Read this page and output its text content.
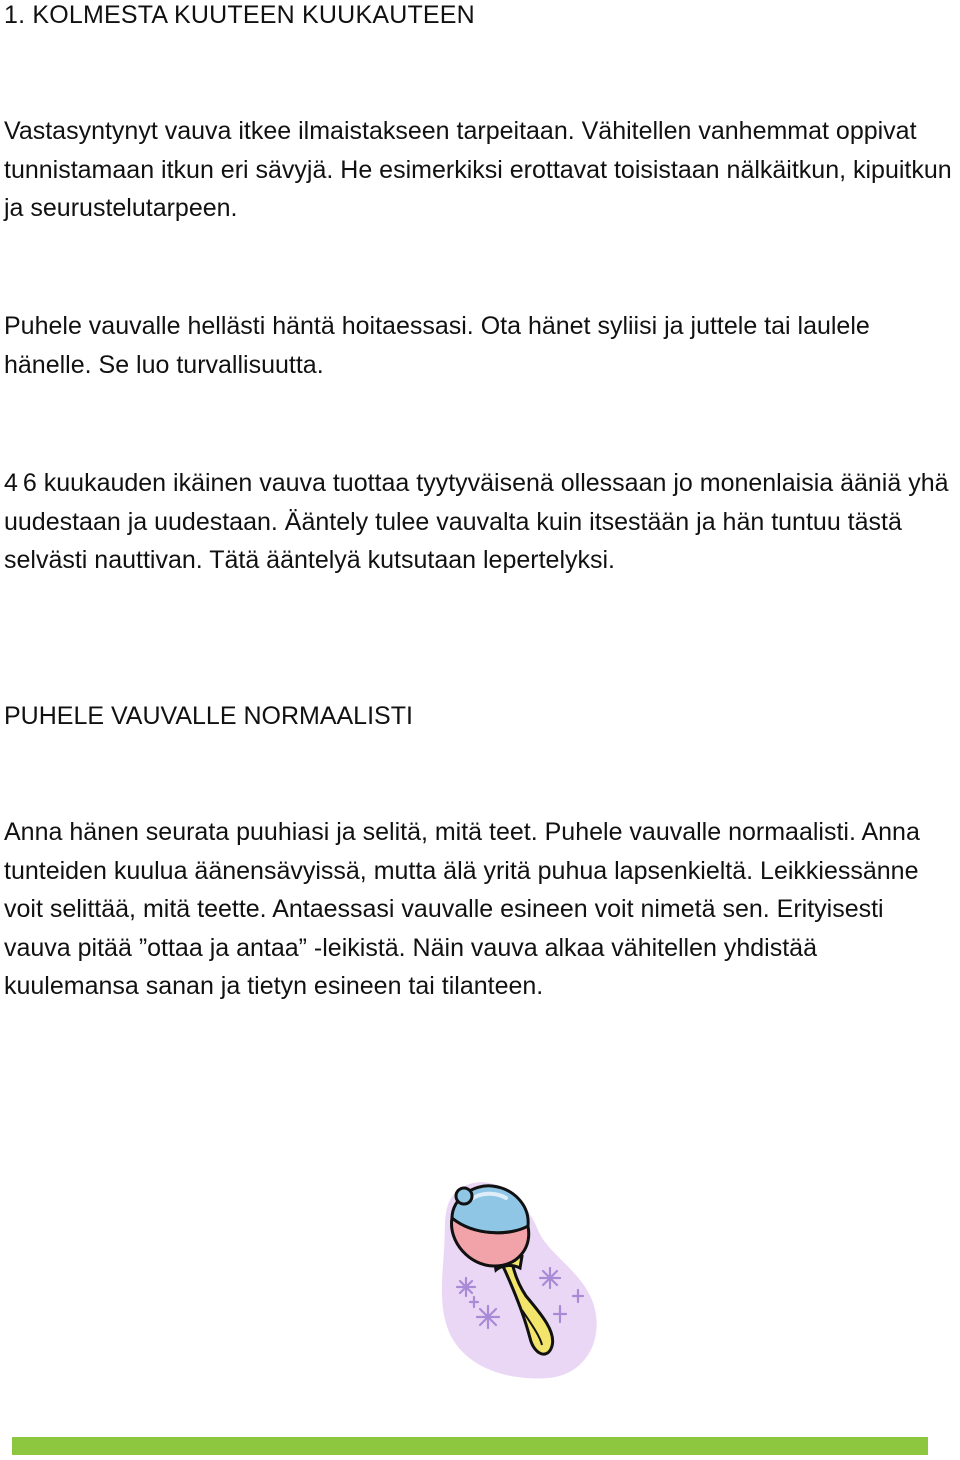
1. KOLMESTA KUUTEEN KUUKAUTEEN

Vastasyntynyt vauva itkee ilmaistakseen tarpeitaan. Vähitellen vanhemmat oppivat tunnistamaan itkun eri sävyjä. He esimerkiksi erottavat toisistaan nälkäitkun, kipuitkun ja seurustelutarpeen.

Puhele vauvalle hellästi häntä hoitaessasi. Ota hänet syliisi ja juttele tai laulele hänelle. Se luo turvallisuutta.

4 6 kuukauden ikäinen vauva tuottaa tyytyväisenä ollessaan jo monenlaisia ääniä yhä uudestaan ja uudestaan. Ääntely tulee vauvalta kuin itsestään ja hän tuntuu tästä selvästi nauttivan. Tätä ääntelyä kutsutaan lepertelyksi.

PUHELE VAUVALLE NORMAALISTI

Anna hänen seurata puuhiasi ja selitä, mitä teet. Puhele vauvalle normaalisti. Anna tunteiden kuulua äänensävyissä, mutta älä yritä puhua lapsenkieltä. Leikkiessänne voit selittää, mitä teette. Antaessasi vauvalle esineen voit nimetä sen. Erityisesti vauva pitää ”ottaa ja antaa” -leikistä. Näin vauva alkaa vähitellen yhdistää kuulemansa sanan ja tietyn esineen tai tilanteen.
